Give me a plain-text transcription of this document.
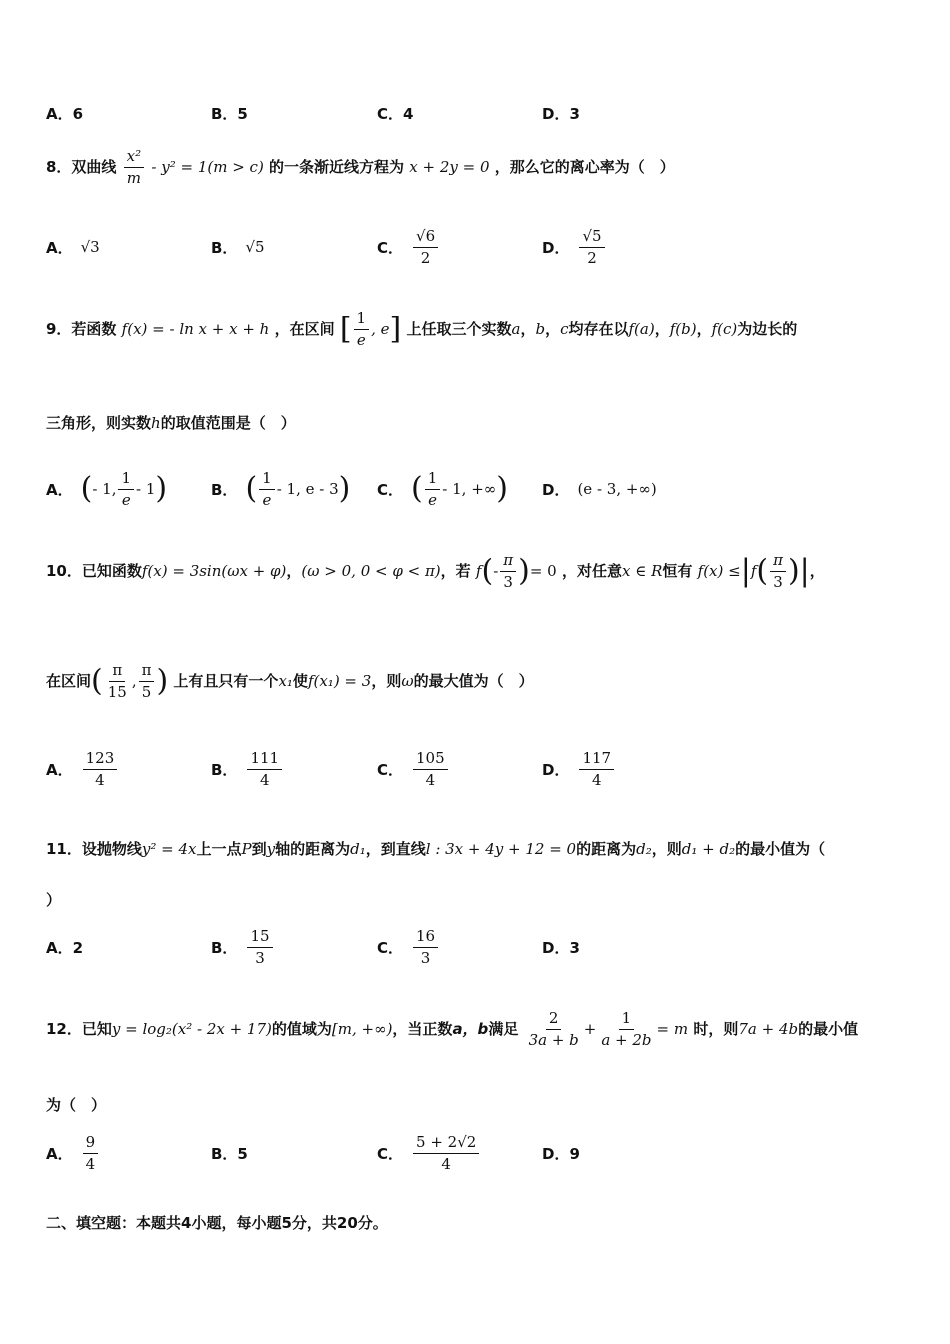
A．6	B．5	C．4	D．3
8．双曲线 $\frac{\text{x²}}{m} - y^2 = 1(m > c)$ 的一条渐近线方程为 x + 2y = 0 ，那么它的离心率为（　）
A． √3	B． √5	C． $\frac{√6}{2}$	D． $\frac{√5}{2}$
9．若函数 f(x) = - ln x + x + h ，在区间 [ $\frac{1}{e}$ , e] 上任取三个实数a，b，c均存在以f(a)，f(b)，f(c)为边长的
三角形，则实数h的取值范围是（　）
A． ( - 1, $\frac{1}{e} - 1$ )	B． ( $\frac{1}{e} - 1$, e - 3 ) C． ( $\frac{1}{e} - 1$, +∞ ) D． (e - 3, +∞)
10．已知函数f(x) = 3sin(ωx + φ)，(ω > 0, 0 < φ < π)，若 $f(- \frac{\pi}{3}$ )= 0 ，对任意x ∈ R恒有 $f(x) \le|f( \frac{\pi}{3}$ )|，
在区间( $\frac{\pi}{15}$ , $\frac{\pi}{5}$ ) 上有且只有一个x₁使f(x₁) = 3，则ω的最大值为（　）
A． $\frac{123}{4}$	B． $\frac{111}{4}$	C． $\frac{105}{4}$	D． $\frac{117}{4}$
11．设抛物线y² = 4x上一点P到y轴的距离为d₁，到直线l : 3x + 4y + 12 = 0的距离为d₂，则d₁ + d₂的最小值为（
）
A．2	B． $\frac{15}{3}$	C． $\frac{16}{3}$	D．3
12．已知y = log₂(x² - 2x + 17)的值域为[m, +∞)，当正数a，b满足 $\frac{2}{3a + b} + \frac{1}{a + 2b} = m$ 时，则7a + 4b的最小值
为（　）
A． $\frac{9}{4}$	B．5	C． $\frac{5 + 2√2}{4}$	D．9
二、填空题：本题共4小题，每小题5分，共20分。
